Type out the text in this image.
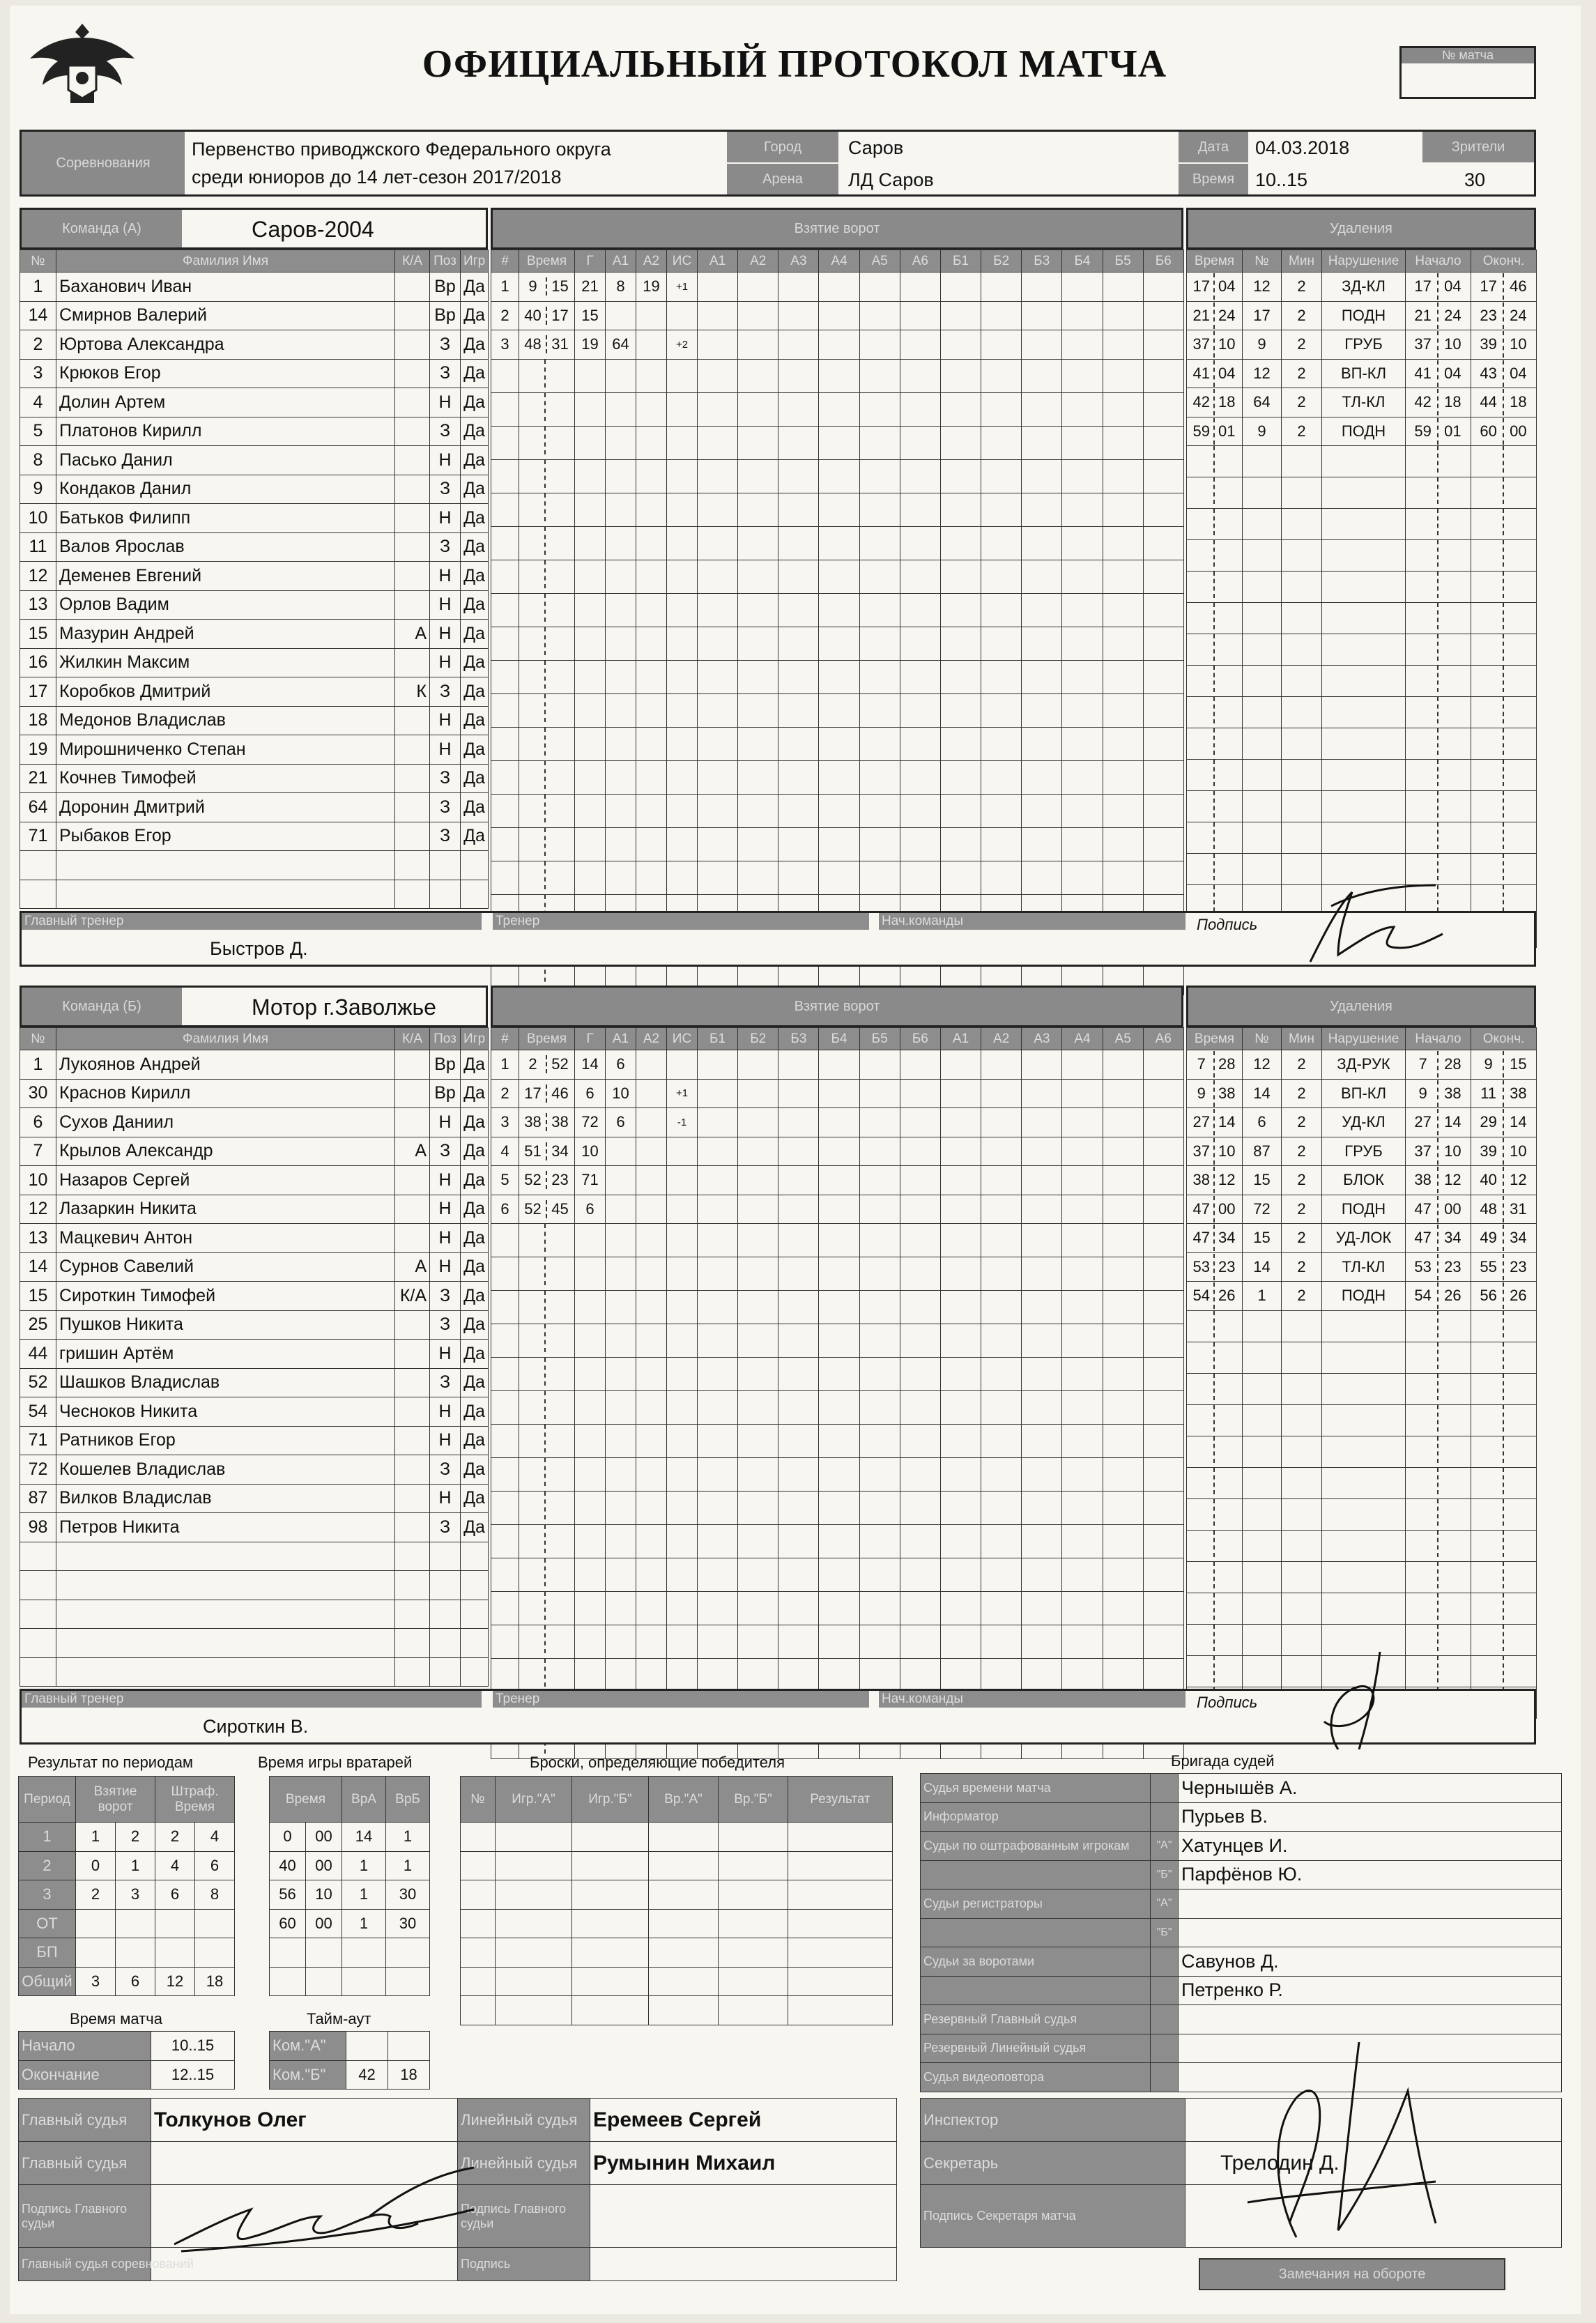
ОФИЦИАЛЬНЫЙ ПРОТОКОЛ МАТЧА	№ матча
Соревнования
Первенство приводжского Федерального округа
среди юниоров до 14 лет-сезон 2017/2018
Город	Саров
Арена	ЛД Саров
Дата	04.03.2018
Время	10..15
Зрители
30
Команда (А)	Саров-2004	Взятие ворот	Удаления
№	Фамилия Имя	К/А	Поз	Игр
1	Баханович Иван		Вр	Да
14	Смирнов Валерий		Вр	Да
2	Юртова Александра		З	Да
3	Крюков Егор		З	Да
4	Долин Артем		Н	Да
5	Платонов Кирилл		З	Да
8	Пасько Данил		Н	Да
9	Кондаков Данил		З	Да
10	Батьков Филипп		Н	Да
11	Валов Ярослав		З	Да
12	Деменев Евгений		Н	Да
13	Орлов Вадим		Н	Да
15	Мазурин Андрей	А	Н	Да
16	Жилкин Максим		Н	Да
17	Коробков Дмитрий	К	З	Да
18	Медонов Владислав		Н	Да
19	Мирошниченко Степан		Н	Да
21	Кочнев Тимофей		З	Да
64	Доронин Дмитрий		З	Да
71	Рыбаков Егор		З	Да

#	Время	Г	А1	А2	ИС	А1	А2	А3	А4	А5	А6	Б1	Б2	Б3	Б4	Б5	Б6
1	9 15	21	8	19	+1												
2	40 17	15															
3	48 31	19	64		+2												

Время	№	Мин	Нарушение	Начало	Оконч.
17 04	12	2	ЗД-КЛ	17 04	17 46
21 24	17	2	ПОДН	21 24	23 24
37 10	9	2	ГРУБ	37 10	39 10
41 04	12	2	ВП-КЛ	41 04	43 04
42 18	64	2	ТЛ-КЛ	42 18	44 18
59 01	9	2	ПОДН	59 01	60 00

Главный тренер
Быстров Д.
Тренер	Нач.команды	Подпись
Команда (Б)	Мотор г.Заволжье	Взятие ворот	Удаления
№	Фамилия Имя	К/А	Поз	Игр
1	Лукоянов Андрей		Вр	Да
30	Краснов Кирилл		Вр	Да
6	Сухов Даниил		Н	Да
7	Крылов Александр	А	З	Да
10	Назаров Сергей		Н	Да
12	Лазаркин Никита		Н	Да
13	Мацкевич Антон		Н	Да
14	Сурнов Савелий	А	Н	Да
15	Сироткин Тимофей	К/А	З	Да
25	Пушков Никита		З	Да
44	гришин Артём		Н	Да
52	Шашков Владислав		З	Да
54	Чесноков Никита		Н	Да
71	Ратников Егор		Н	Да
72	Кошелев Владислав		З	Да
87	Вилков Владислав		Н	Да
98	Петров Никита		З	Да

#	Время	Г	А1	А2	ИС	Б1	Б2	Б3	Б4	Б5	Б6	А1	А2	А3	А4	А5	А6
1	2 52	14	6														
2	17 46	6	10		+1												
3	38 38	72	6		-1												
4	51 34	10															
5	52 23	71															
6	52 45	6															

Время	№	Мин	Нарушение	Начало	Оконч.
7 28	12	2	ЗД-РУК	7 28	9 15
9 38	14	2	ВП-КЛ	9 38	11 38
27 14	6	2	УД-КЛ	27 14	29 14
37 10	87	2	ГРУБ	37 10	39 10
38 12	15	2	БЛОК	38 12	40 12
47 00	72	2	ПОДН	47 00	48 31
47 34	15	2	УД-ЛОК	47 34	49 34
53 23	14	2	ТЛ-КЛ	53 23	55 23
54 26	1	2	ПОДН	54 26	56 26

Главный тренер
Сироткин В.
Тренер	Нач.команды	Подпись
Результат по периодам
Период	Взятие ворот		Штраф. Время	
1	1	2	2	4
2	0	1	4	6
3	2	3	6	8
ОТ				
БП				
Общий	3	6	12	18
Время игры вратарей
Время		ВрА	ВрБ
0	00	14	1
40	00	1	1
56	10	1	30
60	00	1	30

Броски, определяющие победителя
№	Игр."А"	Игр."Б"	Вр."А"	Вр."Б"	Результат

Время матча
Начало	10..15
Окончание	12..15
Тайм-аут
Ком."А"		
Ком."Б"	42	18
Бригада судей
Судья времени матча		Чернышёв А.
Информатор		Пурьев В.
Судьи по оштрафованным игрокам	"А"	Хатунцев И.
	"Б"	Парфёнов Ю.
Судьи регистраторы	"А"	
	"Б"	
Судьи за воротами		Савунов Д.
		Петренко Р.
Резервный Главный судья		
Резервный Линейный судья		
Судья видеоповтора		
Главный судья	Толкунов Олег	Линейный судья	Еремеев Сергей
Главный судья		Линейный судья	Румынин Михаил
Подпись Главного судьи		Подпись Главного судьи	
Главный судья соревнований		Подпись	
Инспектор	
Секретарь	Трелодин Д.
Подпись Секретаря матча	
Замечания на обороте
